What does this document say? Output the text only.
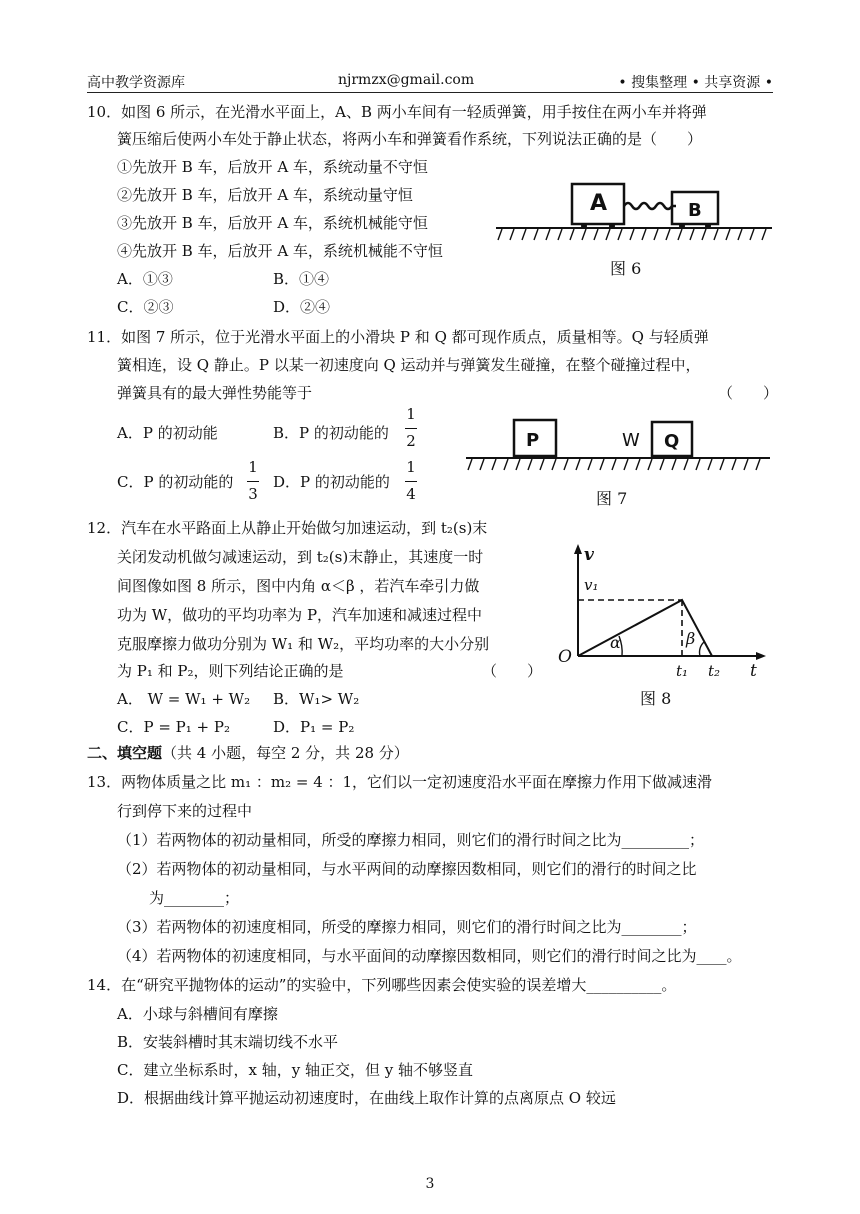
高中教学资源库	njrmzx@gmail.com	• 搜集整理 • 共享资源 •
10．如图 6 所示，在光滑水平面上，A、B 两小车间有一轻质弹簧，用手按住在两小车并将弹
簧压缩后使两小车处于静止状态，将两小车和弹簧看作系统，下列说法正确的是（　　）
①先放开 B 车，后放开 A 车，系统动量不守恒
②先放开 B 车，后放开 A 车，系统动量守恒
③先放开 B 车，后放开 A 车，系统机械能守恒
④先放开 B 车，后放开 A 车，系统机械能不守恒
A．①③	B．①④
C．②③	D．②④
A	B
图 6
11．如图 7 所示，位于光滑水平面上的小滑块 P 和 Q 都可现作质点，质量相等。Q 与轻质弹
簧相连，设 Q 静止。P 以某一初速度向 Q 运动并与弹簧发生碰撞，在整个碰撞过程中，
弹簧具有的最大弹性势能等于	（　　）
A．P 的初动能	B．P 的初动能的
1
2
C．P 的初动能的
1
3
D．P 的初动能的
1
4
P	W Q
图 7
12．汽车在水平路面上从静止开始做匀加速运动，到 t₂(s)末
关闭发动机做匀减速运动，到 t₂(s)末静止，其速度一时
间图像如图 8 所示，图中内角 α＜β ，若汽车牵引力做
功为 W，做功的平均功率为 P，汽车加速和减速过程中
克服摩擦力做功分别为 W₁ 和 W₂，平均功率的大小分别
为 P₁ 和 P₂，则下列结论正确的是	（　　）
A． W = W₁ + W₂ B．W₁> W₂
C．P = P₁ + P₂	D．P₁ = P₂
v
v₁
O
α	β
t₁ t₂ t
图 8
二、填空题（共 4 小题，每空 2 分，共 28 分）
13．两物体质量之比 m₁ ：m₂ = 4 ：1，它们以一定初速度沿水平面在摩擦力作用下做减速滑
行到停下来的过程中
（1）若两物体的初动量相同，所受的摩擦力相同，则它们的滑行时间之比为_________；
（2）若两物体的初动量相同，与水平两间的动摩擦因数相同，则它们的滑行的时间之比
为________；
（3）若两物体的初速度相同，所受的摩擦力相同，则它们的滑行时间之比为________；
（4）若两物体的初速度相同，与水平面间的动摩擦因数相同，则它们的滑行时间之比为____。
14．在“研究平抛物体的运动”的实验中，下列哪些因素会使实验的误差增大__________。
A．小球与斜槽间有摩擦
B．安装斜槽时其末端切线不水平
C．建立坐标系时，x 轴，y 轴正交，但 y 轴不够竖直
D．根据曲线计算平抛运动初速度时，在曲线上取作计算的点离原点 O 较远
3
